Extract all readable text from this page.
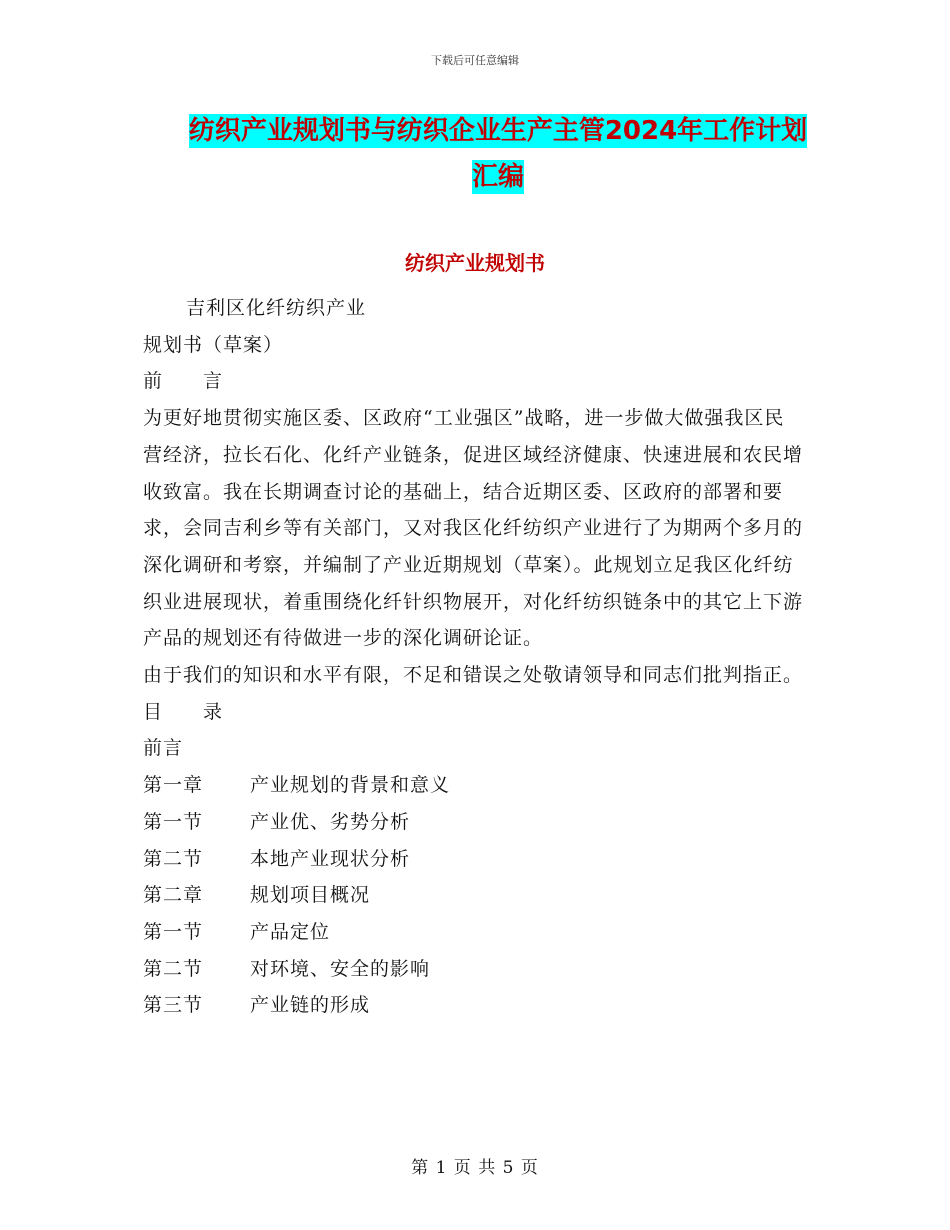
下载后可任意编辑
纺织产业规划书与纺织企业生产主管2024年工作计划
汇编
纺织产业规划书

吉利区化纤纺织产业

规划书（草案）

前　　言

为更好地贯彻实施区委、区政府“工业强区”战略，进一步做大做强我区民营经济，拉长石化、化纤产业链条，促进区域经济健康、快速进展和农民增收致富。我在长期调查讨论的基础上，结合近期区委、区政府的部署和要求，会同吉利乡等有关部门，又对我区化纤纺织产业进行了为期两个多月的深化调研和考察，并编制了产业近期规划（草案）。此规划立足我区化纤纺织业进展现状，着重围绕化纤针织物展开，对化纤纺织链条中的其它上下游产品的规划还有待做进一步的深化调研论证。

由于我们的知识和水平有限，不足和错误之处敬请领导和同志们批判指正。

目　　录

前言

第一章	产业规划的背景和意义
第一节	产业优、劣势分析
第二节	本地产业现状分析
第二章	规划项目概况
第一节	产品定位
第二节	对环境、安全的影响
第三节	产业链的形成
第 1 页 共 5 页
